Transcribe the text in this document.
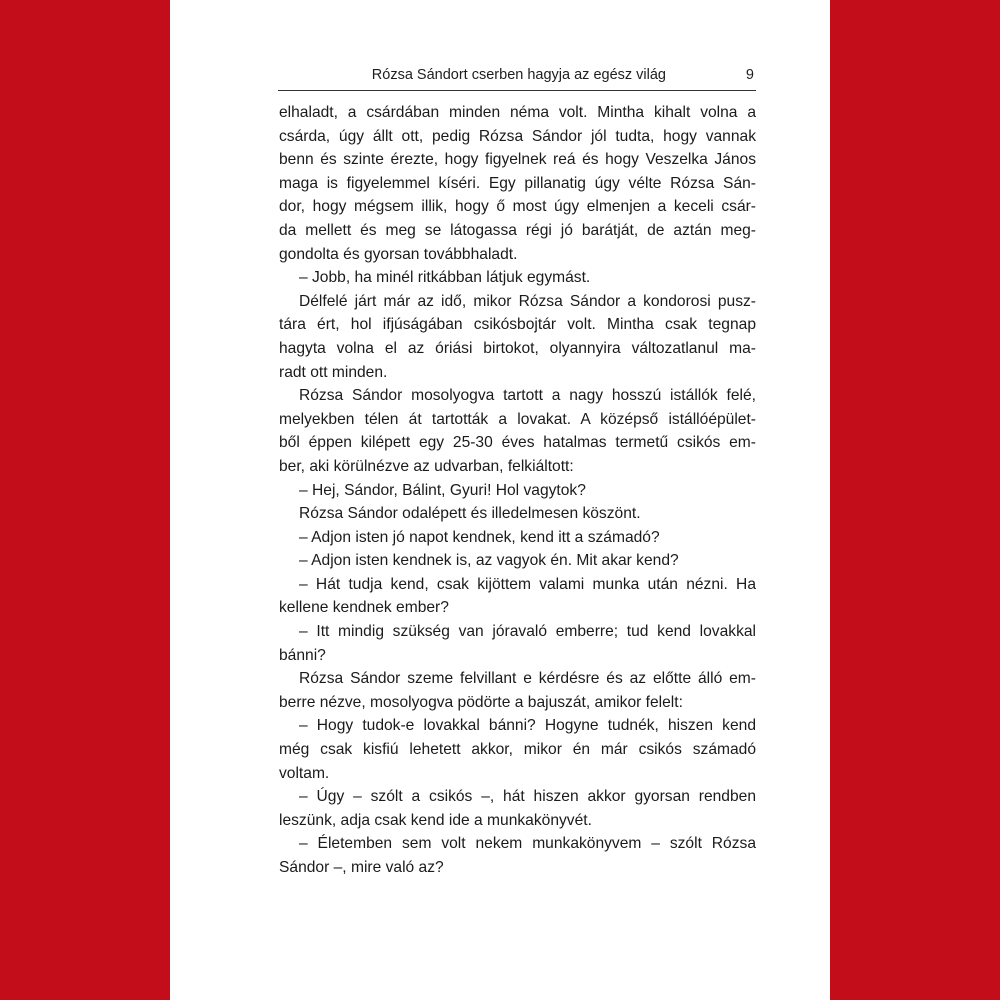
Rózsa Sándort cserben hagyja az egész világ	9
elhaladt, a csárdában minden néma volt. Mintha kihalt volna a
csárda, úgy állt ott, pedig Rózsa Sándor jól tudta, hogy vannak
benn és szinte érezte, hogy figyelnek reá és hogy Veszelka János
maga is figyelemmel kíséri. Egy pillanatig úgy vélte Rózsa Sán-
dor, hogy mégsem illik, hogy ő most úgy elmenjen a keceli csár-
da mellett és meg se látogassa régi jó barátját, de aztán meg-
gondolta és gyorsan továbbhaladt.
– Jobb, ha minél ritkábban látjuk egymást.
Délfelé járt már az idő, mikor Rózsa Sándor a kondorosi pusz-
tára ért, hol ifjúságában csikósbojtár volt. Mintha csak tegnap
hagyta volna el az óriási birtokot, olyannyira változatlanul ma-
radt ott minden.
Rózsa Sándor mosolyogva tartott a nagy hosszú istállók felé,
melyekben télen át tartották a lovakat. A középső istállóépület-
ből éppen kilépett egy 25-30 éves hatalmas termetű csikós em-
ber, aki körülnézve az udvarban, felkiáltott:
– Hej, Sándor, Bálint, Gyuri! Hol vagytok?
Rózsa Sándor odalépett és illedelmesen köszönt.
– Adjon isten jó napot kendnek, kend itt a számadó?
– Adjon isten kendnek is, az vagyok én. Mit akar kend?
– Hát tudja kend, csak kijöttem valami munka után nézni. Ha
kellene kendnek ember?
– Itt mindig szükség van jóravaló emberre; tud kend lovakkal
bánni?
Rózsa Sándor szeme felvillant e kérdésre és az előtte álló em-
berre nézve, mosolyogva pödörte a bajuszát, amikor felelt:
– Hogy tudok-e lovakkal bánni? Hogyne tudnék, hiszen kend
még csak kisfiú lehetett akkor, mikor én már csikós számadó
voltam.
– Úgy – szólt a csikós –, hát hiszen akkor gyorsan rendben
leszünk, adja csak kend ide a munkakönyvét.
– Életemben sem volt nekem munkakönyvem – szólt Rózsa
Sándor –, mire való az?
